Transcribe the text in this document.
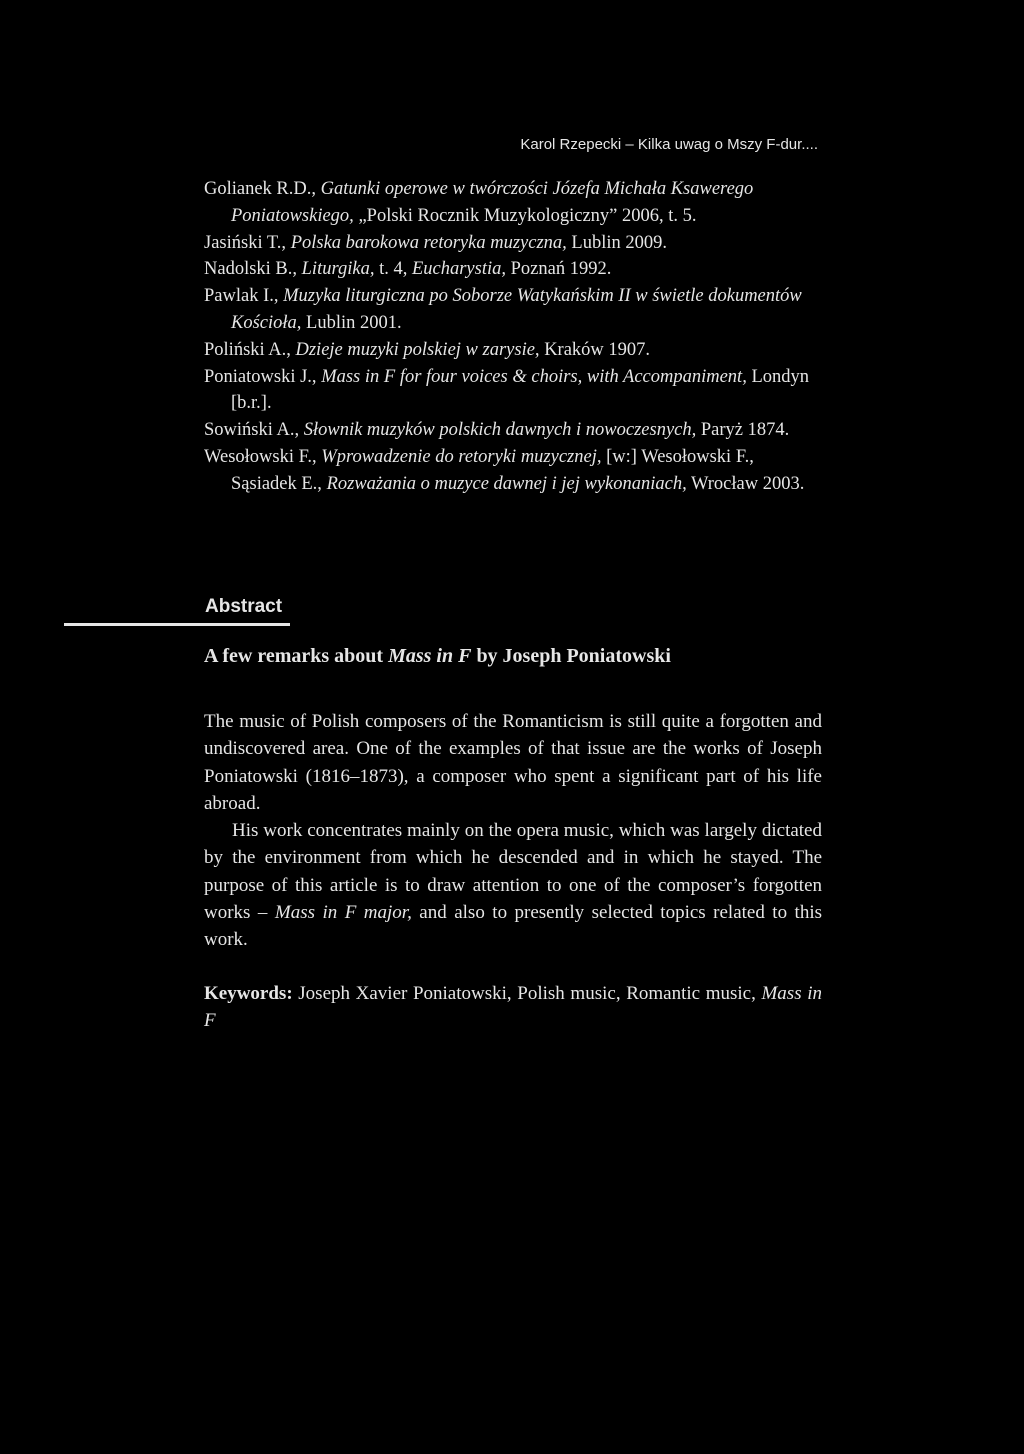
Karol Rzepecki – Kilka uwag o Mszy F-dur....
Golianek R.D., Gatunki operowe w twórczości Józefa Michała Ksawerego Poniatowskiego, „Polski Rocznik Muzykologiczny” 2006, t. 5.
Jasiński T., Polska barokowa retoryka muzyczna, Lublin 2009.
Nadolski B., Liturgika, t. 4, Eucharystia, Poznań 1992.
Pawlak I., Muzyka liturgiczna po Soborze Watykańskim II w świetle dokumentów Kościoła, Lublin 2001.
Poliński A., Dzieje muzyki polskiej w zarysie, Kraków 1907.
Poniatowski J., Mass in F for four voices & choirs, with Accompaniment, Londyn [b.r.].
Sowiński A., Słownik muzyków polskich dawnych i nowoczesnych, Paryż 1874.
Wesołowski F., Wprowadzenie do retoryki muzycznej, [w:] Wesołowski F., Sąsiadek E., Rozważania o muzyce dawnej i jej wykonaniach, Wrocław 2003.
Abstract
A few remarks about Mass in F by Joseph Poniatowski

The music of Polish composers of the Romanticism is still quite a forgotten and undiscovered area. One of the examples of that issue are the works of Joseph Poniatowski (1816–1873), a composer who spent a significant part of his life abroad.

His work concentrates mainly on the opera music, which was largely dictated by the environment from which he descended and in which he stayed. The purpose of this article is to draw attention to one of the composer’s forgotten works – Mass in F major, and also to presently selected topics related to this work.

Keywords: Joseph Xavier Poniatowski, Polish music, Romantic music, Mass in F
